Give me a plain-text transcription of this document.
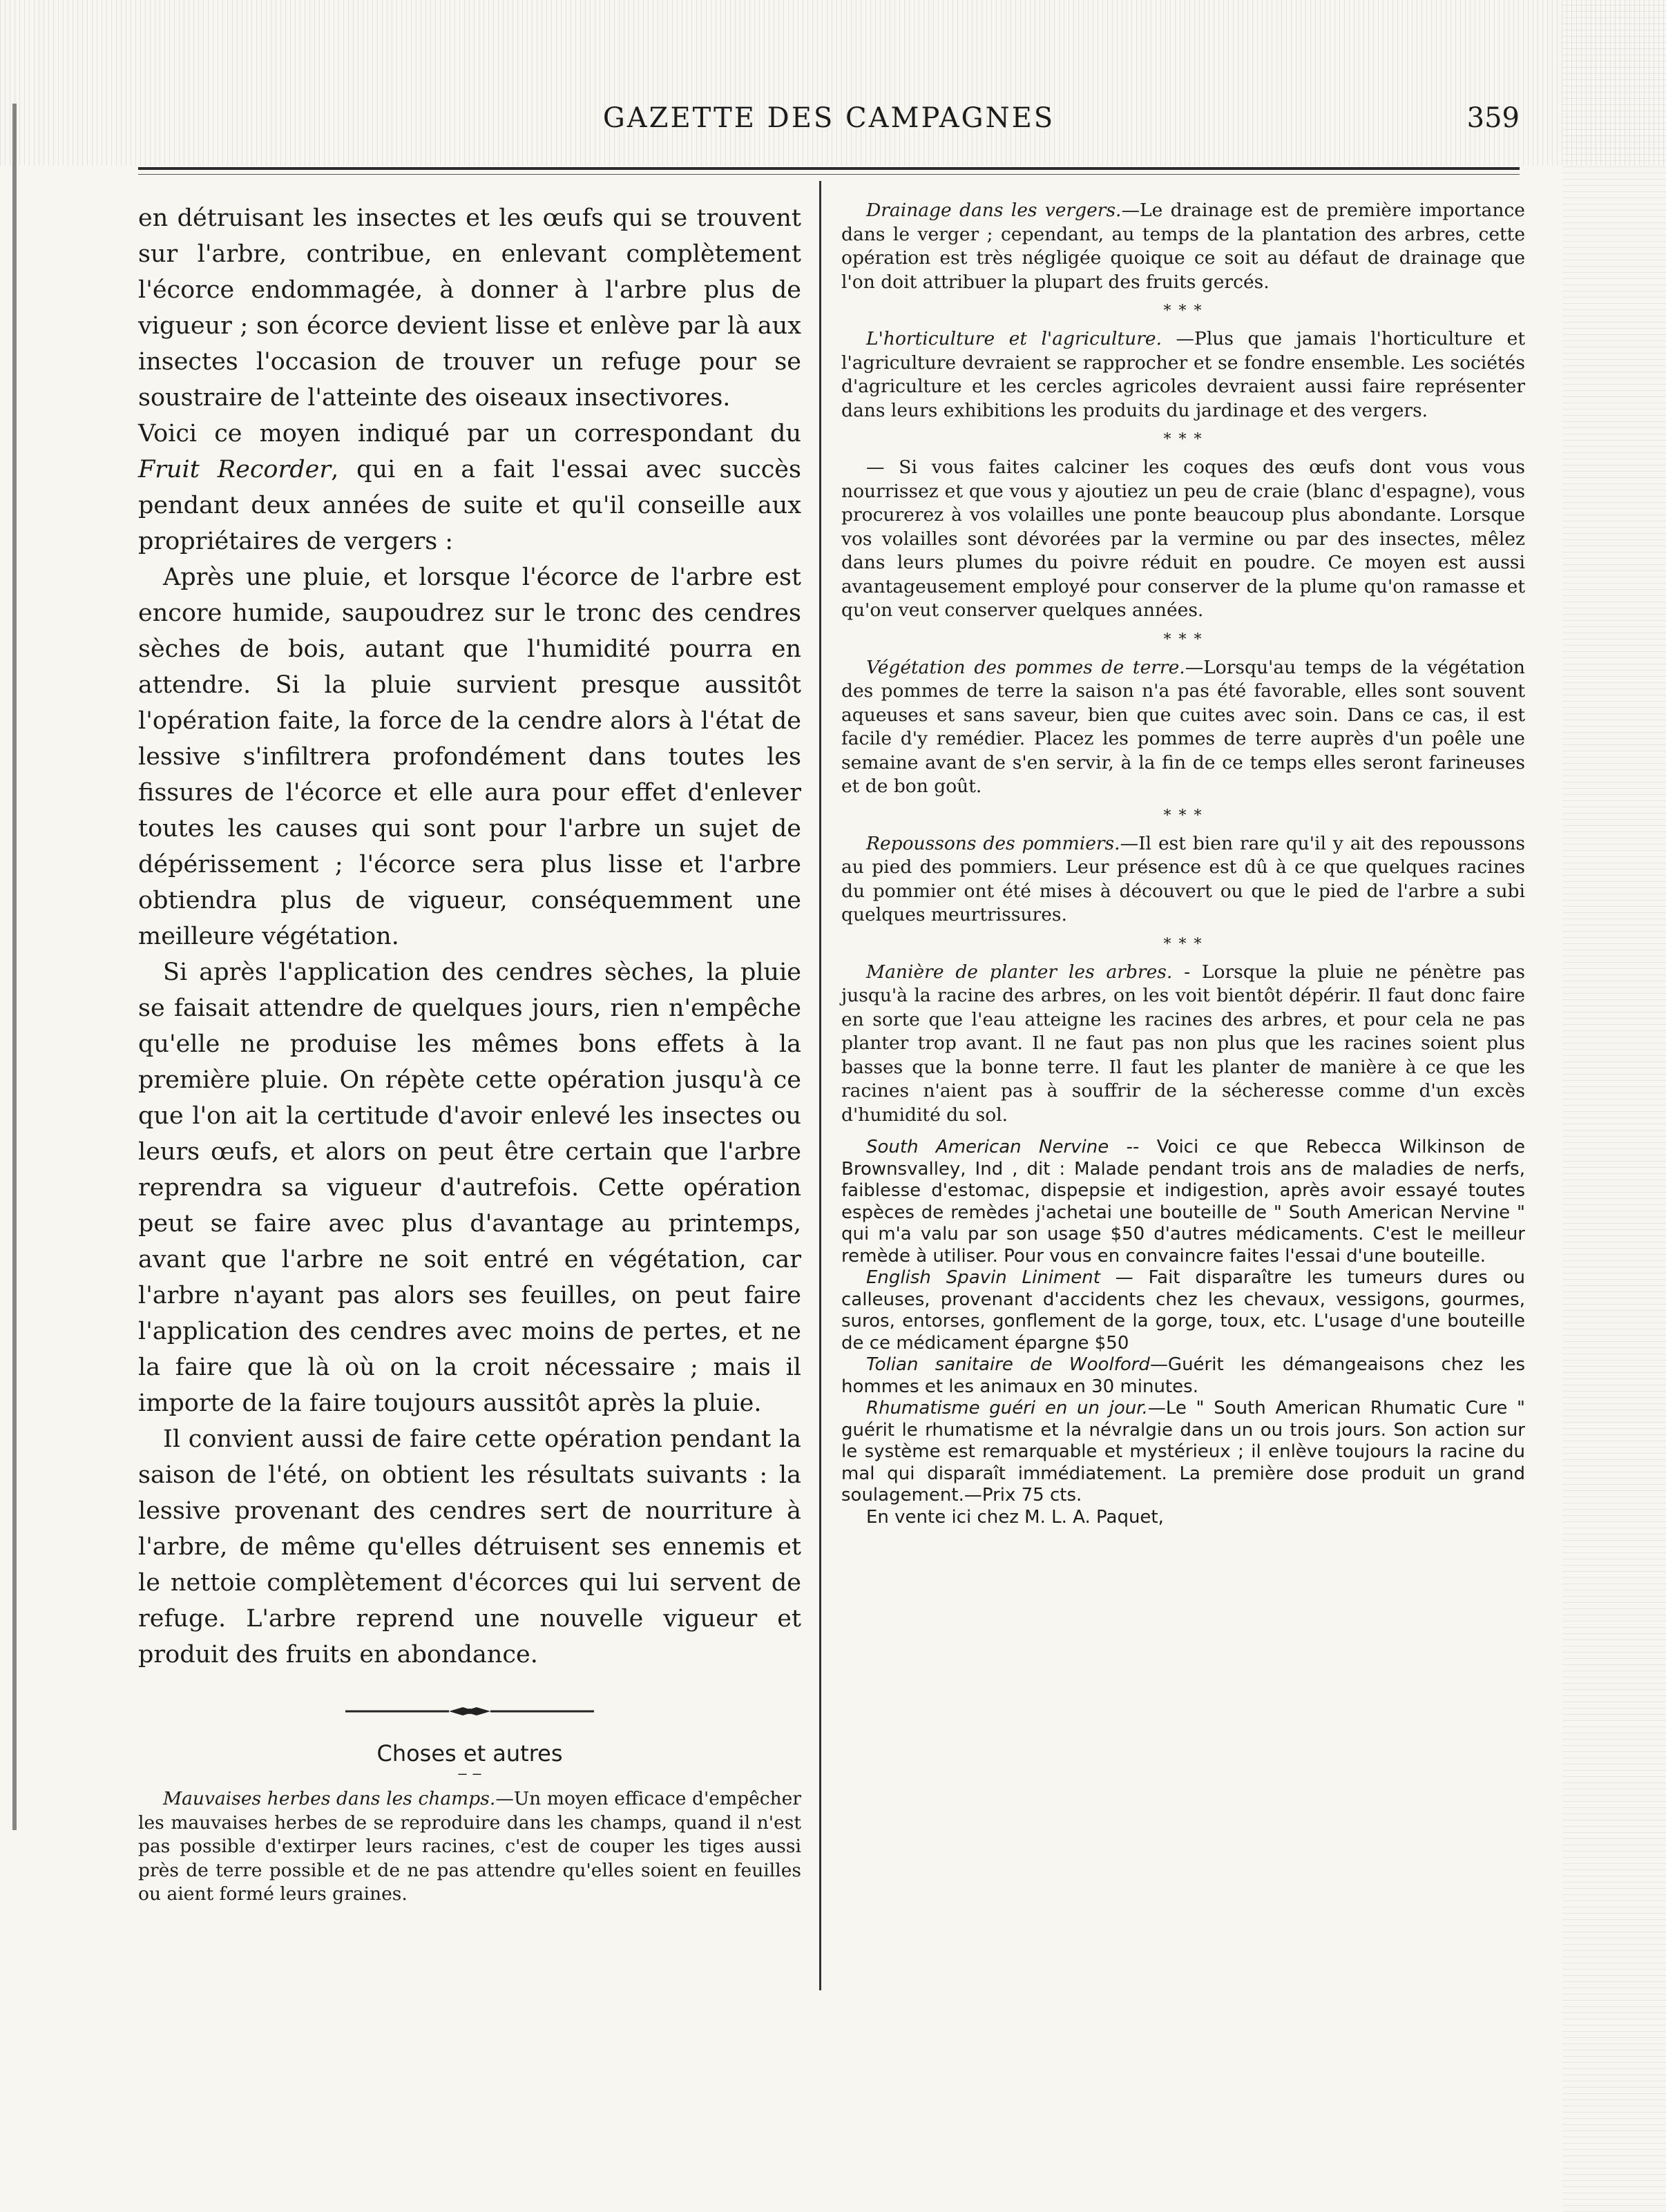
GAZETTE DES CAMPAGNES	359

en détruisant les insectes et les œufs qui se trouvent sur l'arbre, contribue, en enlevant complètement l'écorce endommagée, à donner à l'arbre plus de vigueur ; son écorce devient lisse et enlève par là aux insectes l'occasion de trouver un refuge pour se soustraire de l'atteinte des oiseaux insectivores.

Voici ce moyen indiqué par un correspondant du Fruit Recorder, qui en a fait l'essai avec succès pendant deux années de suite et qu'il conseille aux propriétaires de vergers :

Après une pluie, et lorsque l'écorce de l'arbre est encore humide, saupoudrez sur le tronc des cendres sèches de bois, autant que l'humidité pourra en attendre. Si la pluie survient presque aussitôt l'opération faite, la force de la cendre alors à l'état de lessive s'infiltrera profondément dans toutes les fissures de l'écorce et elle aura pour effet d'enlever toutes les causes qui sont pour l'arbre un sujet de dépérissement ; l'écorce sera plus lisse et l'arbre obtiendra plus de vigueur, conséquemment une meilleure végétation.

Si après l'application des cendres sèches, la pluie se faisait attendre de quelques jours, rien n'empêche qu'elle ne produise les mêmes bons effets à la première pluie. On répète cette opération jusqu'à ce que l'on ait la certitude d'avoir enlevé les insectes ou leurs œufs, et alors on peut être certain que l'arbre reprendra sa vigueur d'autrefois. Cette opération peut se faire avec plus d'avantage au printemps, avant que l'arbre ne soit entré en végétation, car l'arbre n'ayant pas alors ses feuilles, on peut faire l'application des cendres avec moins de pertes, et ne la faire que là où on la croit nécessaire ; mais il importe de la faire toujours aussitôt après la pluie.

Il convient aussi de faire cette opération pendant la saison de l'été, on obtient les résultats suivants : la lessive provenant des cendres sert de nourriture à l'arbre, de même qu'elles détruisent ses ennemis et le nettoie complètement d'écorces qui lui servent de refuge. L'arbre reprend une nouvelle vigueur et produit des fruits en abondance.

Choses et autres
‒ ‒

Mauvaises herbes dans les champs.—Un moyen efficace d'empêcher les mauvaises herbes de se reproduire dans les champs, quand il n'est pas possible d'extirper leurs racines, c'est de couper les tiges aussi près de terre possible et de ne pas attendre qu'elles soient en feuilles ou aient formé leurs graines.

Drainage dans les vergers.—Le drainage est de première importance dans le verger ; cependant, au temps de la plantation des arbres, cette opération est très négligée quoique ce soit au défaut de drainage que l'on doit attribuer la plupart des fruits gercés.

* * *

L'horticulture et l'agriculture. —Plus que jamais l'horticulture et l'agriculture devraient se rapprocher et se fondre ensemble. Les sociétés d'agriculture et les cercles agricoles devraient aussi faire représenter dans leurs exhibitions les produits du jardinage et des vergers.

* * *

— Si vous faites calciner les coques des œufs dont vous vous nourrissez et que vous y ajoutiez un peu de craie (blanc d'espagne), vous procurerez à vos volailles une ponte beaucoup plus abondante. Lorsque vos volailles sont dévorées par la vermine ou par des insectes, mêlez dans leurs plumes du poivre réduit en poudre. Ce moyen est aussi avantageusement employé pour conserver de la plume qu'on ramasse et qu'on veut conserver quelques années.

* * *

Végétation des pommes de terre.—Lorsqu'au temps de la végétation des pommes de terre la saison n'a pas été favorable, elles sont souvent aqueuses et sans saveur, bien que cuites avec soin. Dans ce cas, il est facile d'y remédier. Placez les pommes de terre auprès d'un poêle une semaine avant de s'en servir, à la fin de ce temps elles seront farineuses et de bon goût.

* * *

Repoussons des pommiers.—Il est bien rare qu'il y ait des repoussons au pied des pommiers. Leur présence est dû à ce que quelques racines du pommier ont été mises à découvert ou que le pied de l'arbre a subi quelques meurtrissures.

* * *

Manière de planter les arbres. - Lorsque la pluie ne pénètre pas jusqu'à la racine des arbres, on les voit bientôt dépérir. Il faut donc faire en sorte que l'eau atteigne les racines des arbres, et pour cela ne pas planter trop avant. Il ne faut pas non plus que les racines soient plus basses que la bonne terre. Il faut les planter de manière à ce que les racines n'aient pas à souffrir de la sécheresse comme d'un excès d'humidité du sol.

South American Nervine -- Voici ce que Rebecca Wilkinson de Brownsvalley, Ind , dit : Malade pendant trois ans de maladies de nerfs, faiblesse d'estomac, dispepsie et indigestion, après avoir essayé toutes espèces de remèdes j'achetai une bouteille de " South American Nervine " qui m'a valu par son usage $50 d'autres médicaments. C'est le meilleur remède à utiliser. Pour vous en convaincre faites l'essai d'une bouteille.

English Spavin Liniment — Fait disparaître les tumeurs dures ou calleuses, provenant d'accidents chez les chevaux, vessigons, gourmes, suros, entorses, gonflement de la gorge, toux, etc. L'usage d'une bouteille de ce médicament épargne $50

Tolian sanitaire de Woolford—Guérit les démangeaisons chez les hommes et les animaux en 30 minutes.

Rhumatisme guéri en un jour.—Le " South American Rhumatic Cure " guérit le rhumatisme et la névralgie dans un ou trois jours. Son action sur le système est remarquable et mystérieux ; il enlève toujours la racine du mal qui disparaît immédiatement. La première dose produit un grand soulagement.—Prix 75 cts.

En vente ici chez M. L. A. Paquet,
